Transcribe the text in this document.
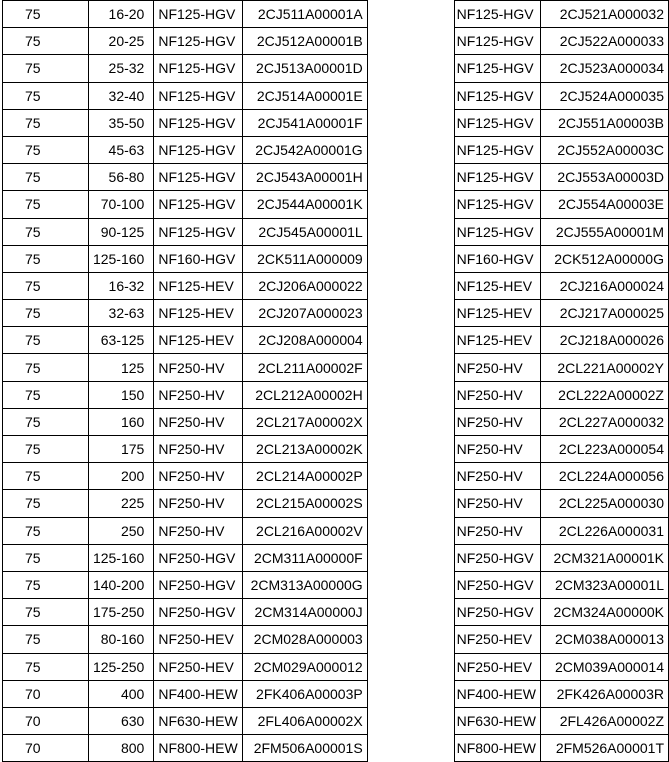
75	16-20	NF125-HGV	2CJ511A00001A		NF125-HGV	2CJ521A000032
75	20-25	NF125-HGV	2CJ512A00001B		NF125-HGV	2CJ522A000033
75	25-32	NF125-HGV	2CJ513A00001D		NF125-HGV	2CJ523A000034
75	32-40	NF125-HGV	2CJ514A00001E		NF125-HGV	2CJ524A000035
75	35-50	NF125-HGV	2CJ541A00001F		NF125-HGV	2CJ551A00003B
75	45-63	NF125-HGV	2CJ542A00001G		NF125-HGV	2CJ552A00003C
75	56-80	NF125-HGV	2CJ543A00001H		NF125-HGV	2CJ553A00003D
75	70-100	NF125-HGV	2CJ544A00001K		NF125-HGV	2CJ554A00003E
75	90-125	NF125-HGV	2CJ545A00001L		NF125-HGV	2CJ555A00001M
75	125-160	NF160-HGV	2CK511A000009		NF160-HGV	2CK512A00000G
75	16-32	NF125-HEV	2CJ206A000022		NF125-HEV	2CJ216A000024
75	32-63	NF125-HEV	2CJ207A000023		NF125-HEV	2CJ217A000025
75	63-125	NF125-HEV	2CJ208A000004		NF125-HEV	2CJ218A000026
75	125	NF250-HV	2CL211A00002F		NF250-HV	2CL221A00002Y
75	150	NF250-HV	2CL212A00002H		NF250-HV	2CL222A00002Z
75	160	NF250-HV	2CL217A00002X		NF250-HV	2CL227A000032
75	175	NF250-HV	2CL213A00002K		NF250-HV	2CL223A000054
75	200	NF250-HV	2CL214A00002P		NF250-HV	2CL224A000056
75	225	NF250-HV	2CL215A00002S		NF250-HV	2CL225A000030
75	250	NF250-HV	2CL216A00002V		NF250-HV	2CL226A000031
75	125-160	NF250-HGV	2CM311A00000F		NF250-HGV	2CM321A00001K
75	140-200	NF250-HGV	2CM313A00000G		NF250-HGV	2CM323A00001L
75	175-250	NF250-HGV	2CM314A00000J		NF250-HGV	2CM324A00000K
75	80-160	NF250-HEV	2CM028A000003		NF250-HEV	2CM038A000013
75	125-250	NF250-HEV	2CM029A000012		NF250-HEV	2CM039A000014
70	400	NF400-HEW	2FK406A00003P		NF400-HEW	2FK426A00003R
70	630	NF630-HEW	2FL406A00002X		NF630-HEW	2FL426A00002Z
70	800	NF800-HEW	2FM506A00001S		NF800-HEW	2FM526A00001T
